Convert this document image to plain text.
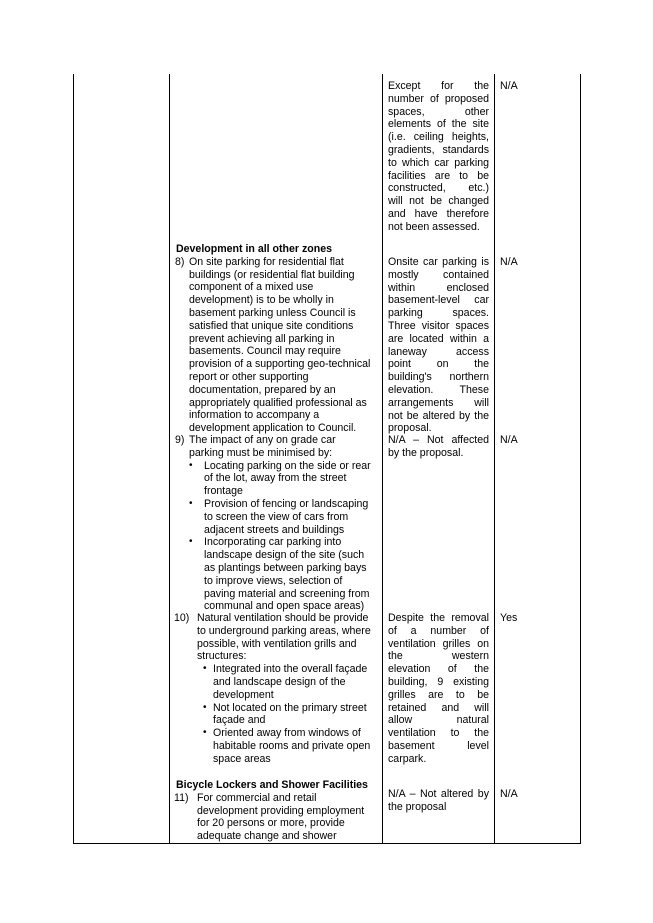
Except for the
number of proposed
spaces, other
elements of the site
(i.e. ceiling heights,
gradients, standards
to which car parking
facilities are to be
constructed, etc.)
will not be changed
and have therefore
not been assessed.
N/A
Development in all other zones
8) On site parking for residential flat
buildings (or residential flat building
component of a mixed use
development) is to be wholly in
basement parking unless Council is
satisfied that unique site conditions
prevent achieving all parking in
basements. Council may require
provision of a supporting geo-technical
report or other supporting
documentation, prepared by an
appropriately qualified professional as
information to accompany a
development application to Council.
Onsite car parking is
mostly contained
within enclosed
basement-level car
parking spaces.
Three visitor spaces
are located within a
laneway access
point on the
building's northern
elevation. These
arrangements will
not be altered by the
proposal.
N/A
9) The impact of any on grade car
parking must be minimised by:
• Locating parking on the side or rear
of the lot, away from the street
frontage
• Provision of fencing or landscaping
to screen the view of cars from
adjacent streets and buildings
• Incorporating car parking into
landscape design of the site (such
as plantings between parking bays
to improve views, selection of
paving material and screening from
communal and open space areas)
N/A – Not affected
by the proposal.
N/A
10) Natural ventilation should be provide
to underground parking areas, where
possible, with ventilation grills and
structures:
• Integrated into the overall façade
and landscape design of the
development
• Not located on the primary street
façade and
• Oriented away from windows of
habitable rooms and private open
space areas
Despite the removal
of a number of
ventilation grilles on
the western
elevation of the
building, 9 existing
grilles are to be
retained and will
allow natural
ventilation to the
basement level
carpark.
Yes
Bicycle Lockers and Shower Facilities
11) For commercial and retail
development providing employment
for 20 persons or more, provide
adequate change and shower
N/A – Not altered by
the proposal
N/A
